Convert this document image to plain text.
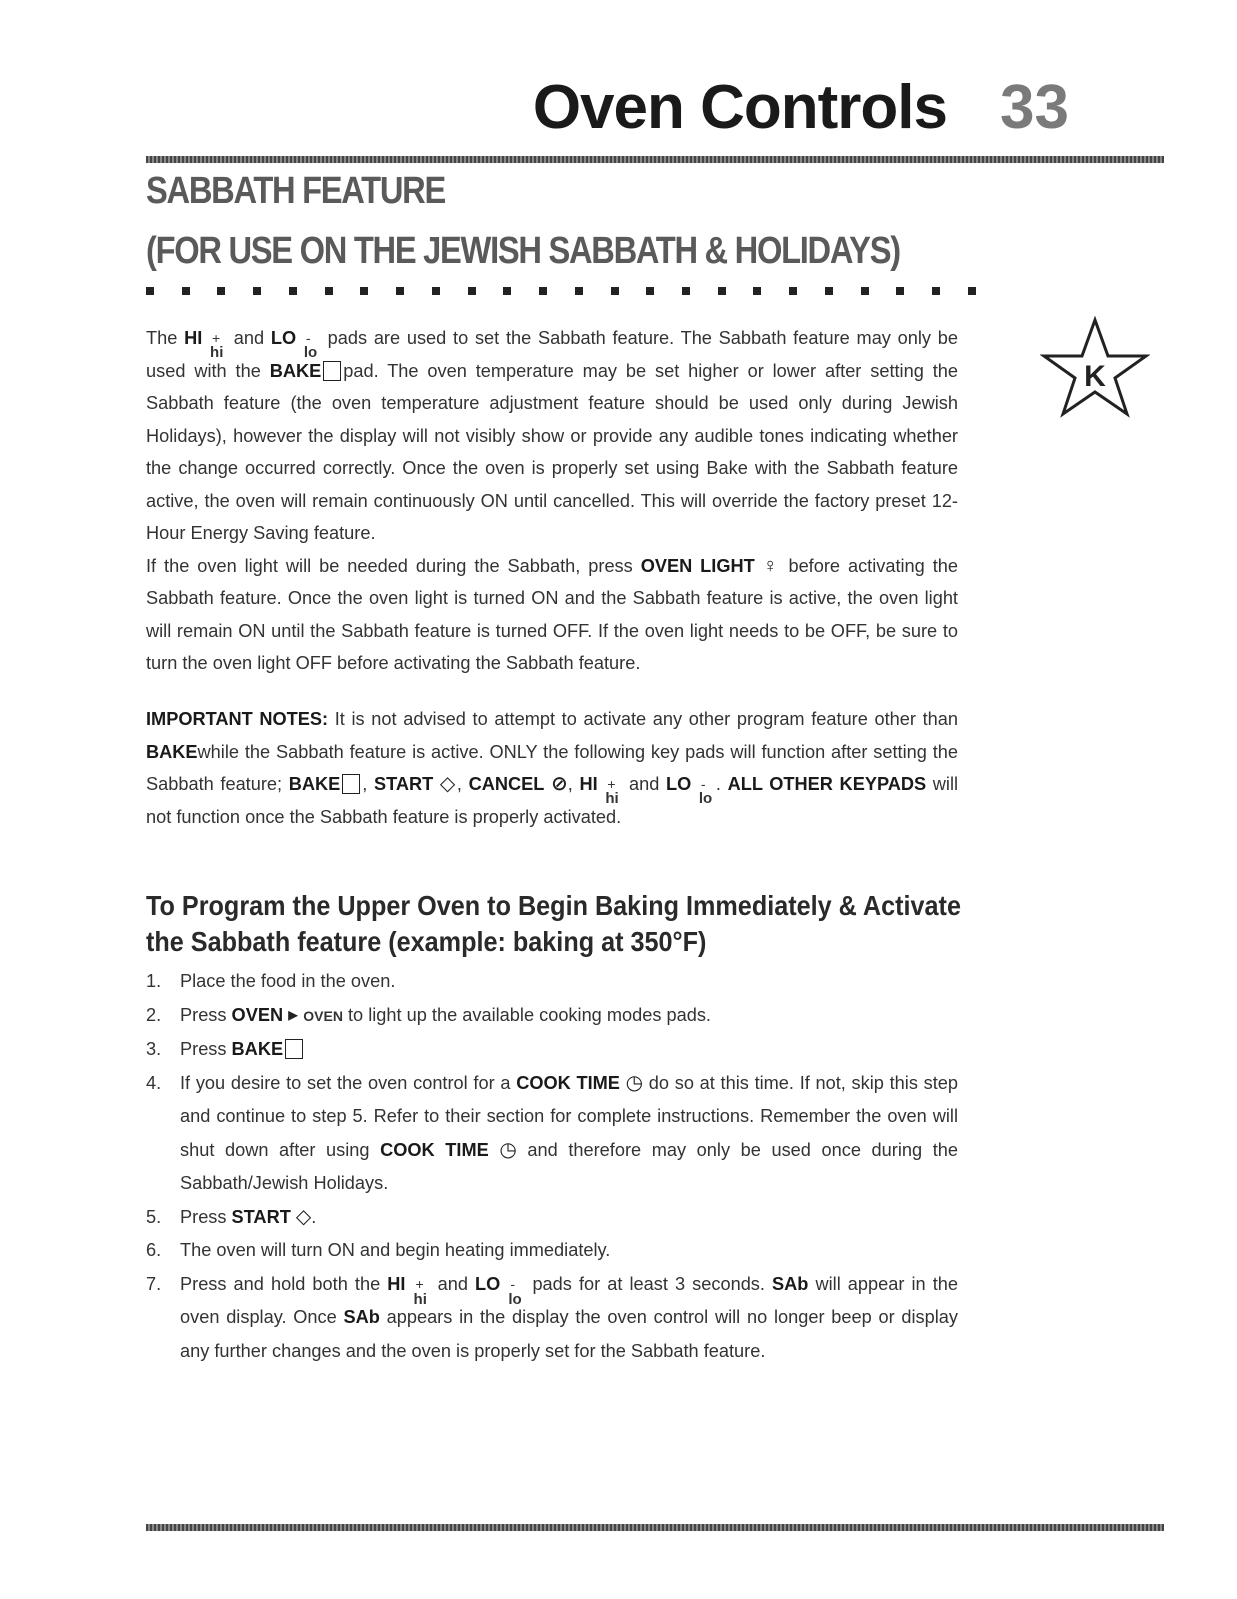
Oven Controls 33
SABBATH FEATURE
(FOR USE ON THE JEWISH SABBATH & HOLIDAYS)
K
The HI +
hi
and LO -
lo
pads are used to set the Sabbath feature. The Sabbath feature may only be used with the BAKE pad. The oven temperature may be set higher or lower after setting the Sabbath feature (the oven temperature adjustment feature should be used only during Jewish Holidays), however the display will not visibly show or provide any audible tones indicating whether the change occurred correctly. Once the oven is properly set using Bake with the Sabbath feature active, the oven will remain continuously ON until cancelled. This will override the factory preset 12-Hour Energy Saving feature.
If the oven light will be needed during the Sabbath, press OVEN LIGHT ♀ before activating the Sabbath feature. Once the oven light is turned ON and the Sabbath feature is active, the oven light will remain ON until the Sabbath feature is turned OFF. If the oven light needs to be OFF, be sure to turn the oven light OFF before activating the Sabbath feature.
IMPORTANT NOTES: It is not advised to attempt to activate any other program feature other than BAKEwhile the Sabbath feature is active. ONLY the following key pads will function after setting the Sabbath feature; BAKE , START ◇, CANCEL ⊘, HI +
hi
and LO -
lo
. ALL OTHER KEYPADS will not function once the Sabbath feature is properly activated.
To Program the Upper Oven to Begin Baking Immediately & Activate the Sabbath feature (example: baking at 350°F)
1. Place the food in the oven.
2. Press OVEN ▸ OVEN to light up the available cooking modes pads.
3. Press BAKE
4. If you desire to set the oven control for a COOK TIME ◷ do so at this time. If not, skip this step and continue to step 5. Refer to their section for complete instructions. Remember the oven will shut down after using COOK TIME ◷ and therefore may only be used once during the Sabbath/Jewish Holidays.
5. Press START ◇.
6. The oven will turn ON and begin heating immediately.
7. Press and hold both the HI +
hi
and LO -
lo
pads for at least 3 seconds. SAb will appear in the oven display. Once SAb appears in the display the oven control will no longer beep or display any further changes and the oven is properly set for the Sabbath feature.
